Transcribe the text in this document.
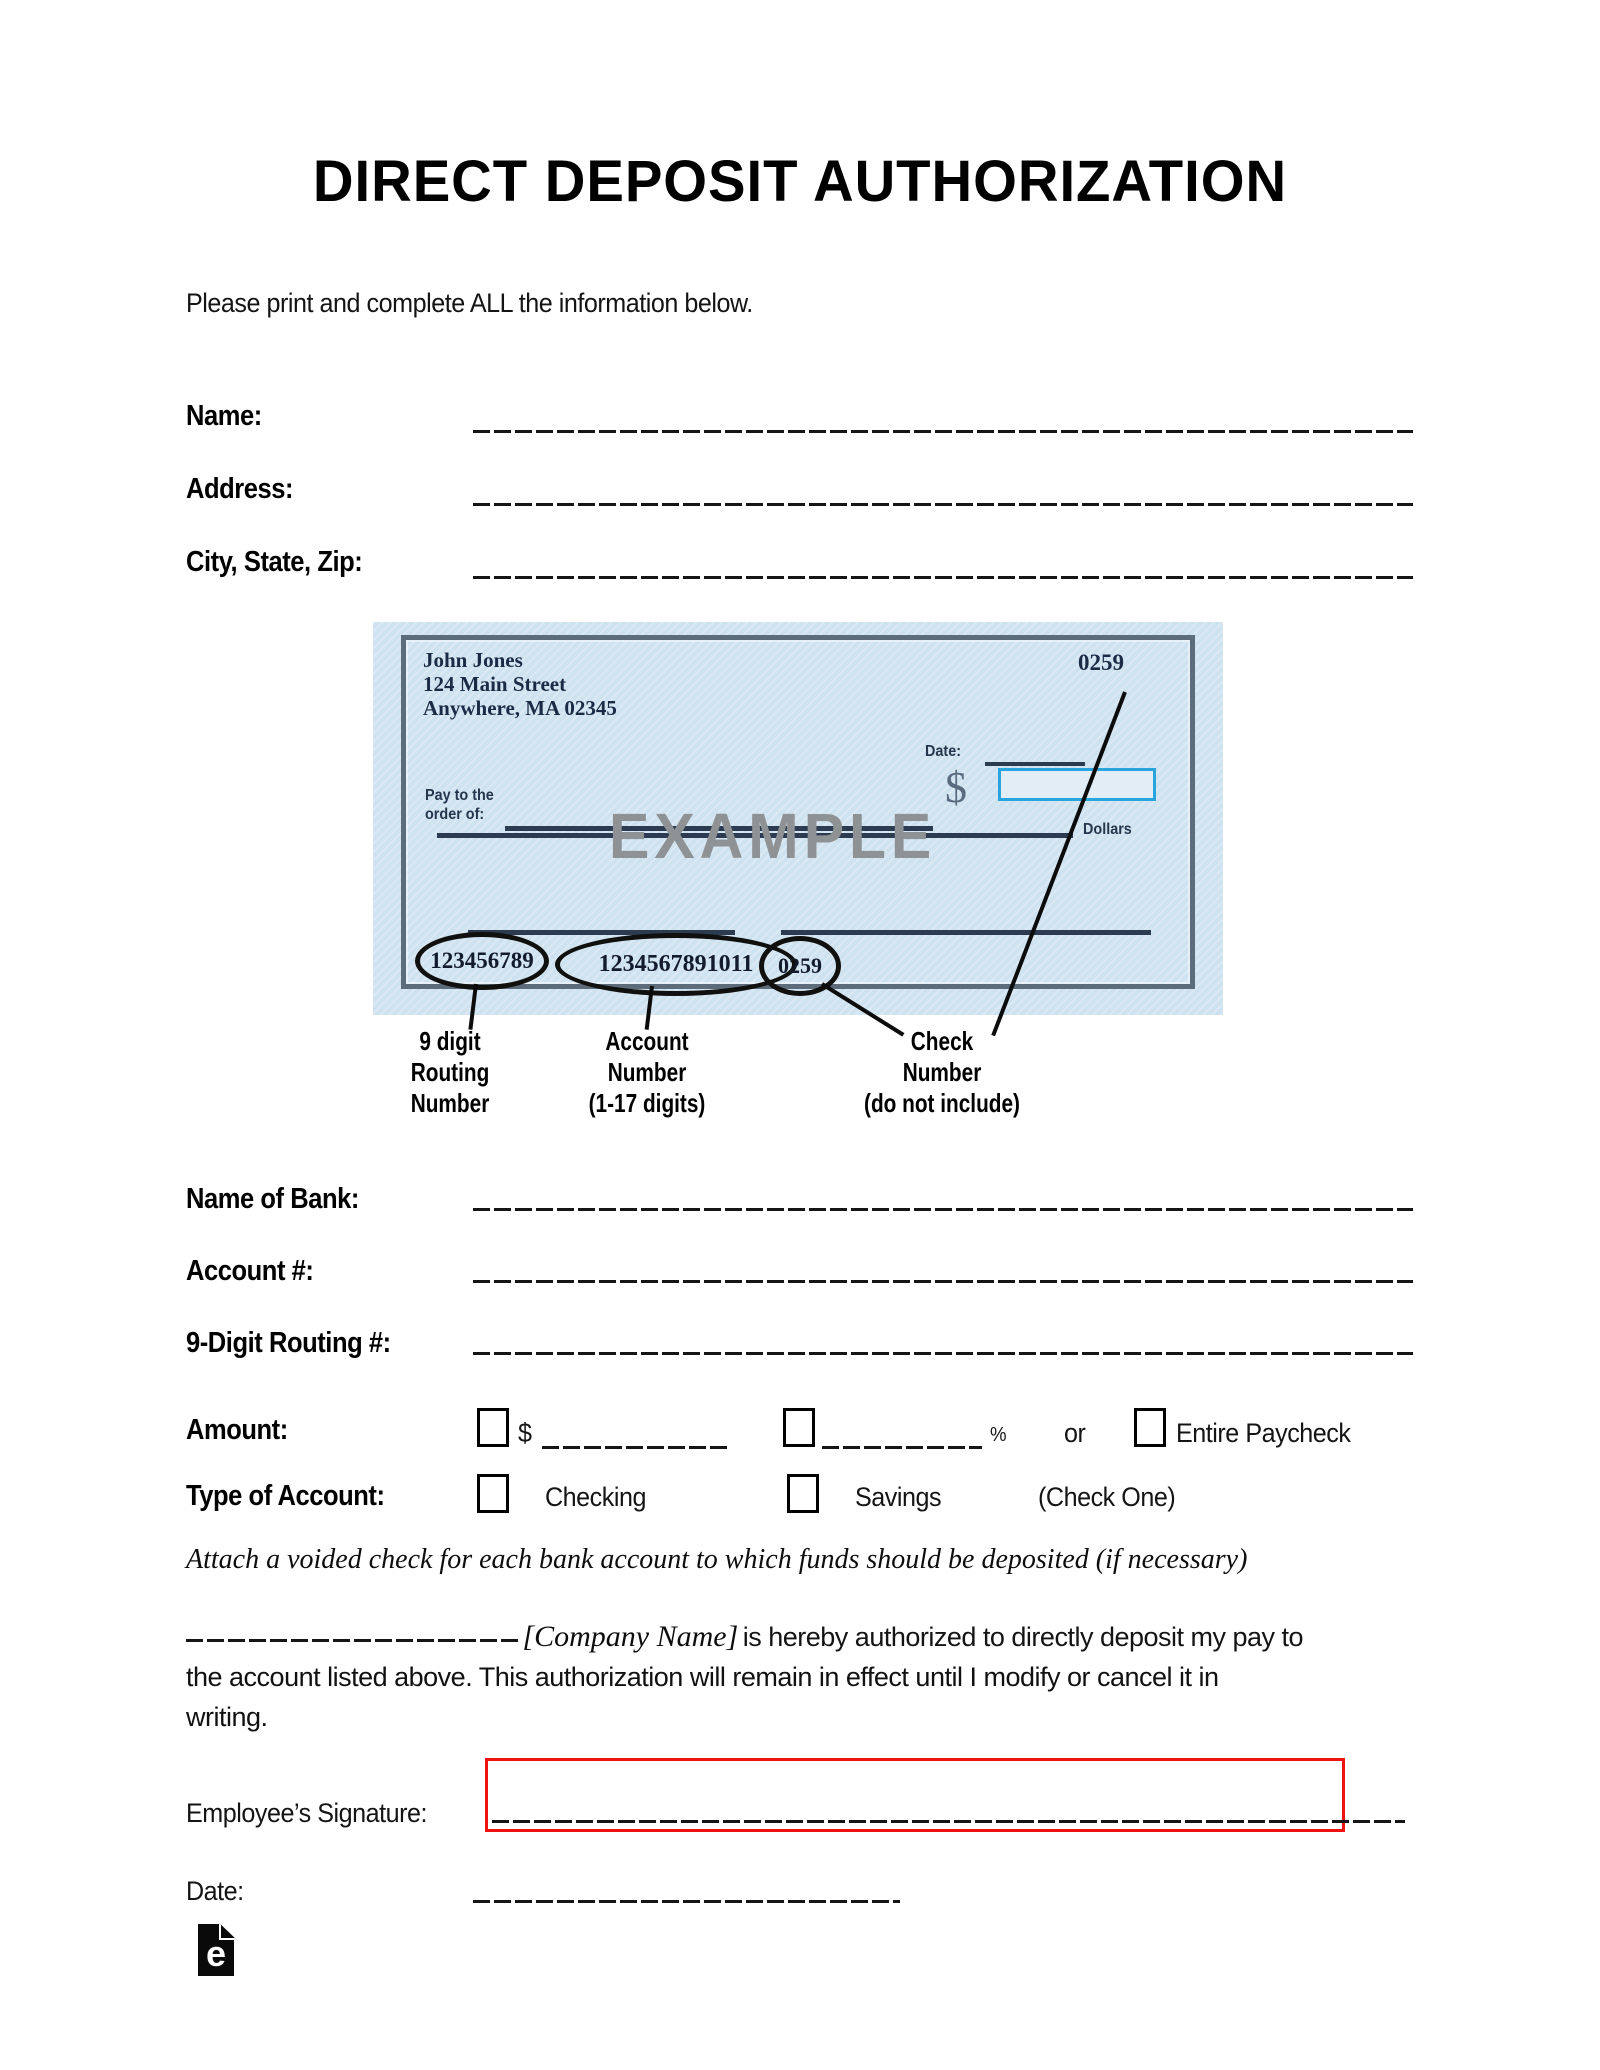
DIRECT DEPOSIT AUTHORIZATION
Please print and complete ALL the information below.
Name:
Address:
City, State, Zip:
John Jones
124 Main Street
Anywhere, MA 02345
0259
Date:
Pay to the
order of:
$
EXAMPLE	Dollars
123456789	1234567891011	0259
9 digit
Routing
Number
Account
Number
(1-17 digits)
Check
Number
(do not include)
Name of Bank:
Account #:
9-Digit Routing #:
Amount:	$	% or	Entire Paycheck
Type of Account:	Checking	Savings	(Check One)
Attach a voided check for each bank account to which funds should be deposited (if necessary)
[Company Name] is hereby authorized to directly deposit my pay to
the account listed above. This authorization will remain in effect until I modify or cancel it in
writing.
Employee’s Signature:
Date:
e
